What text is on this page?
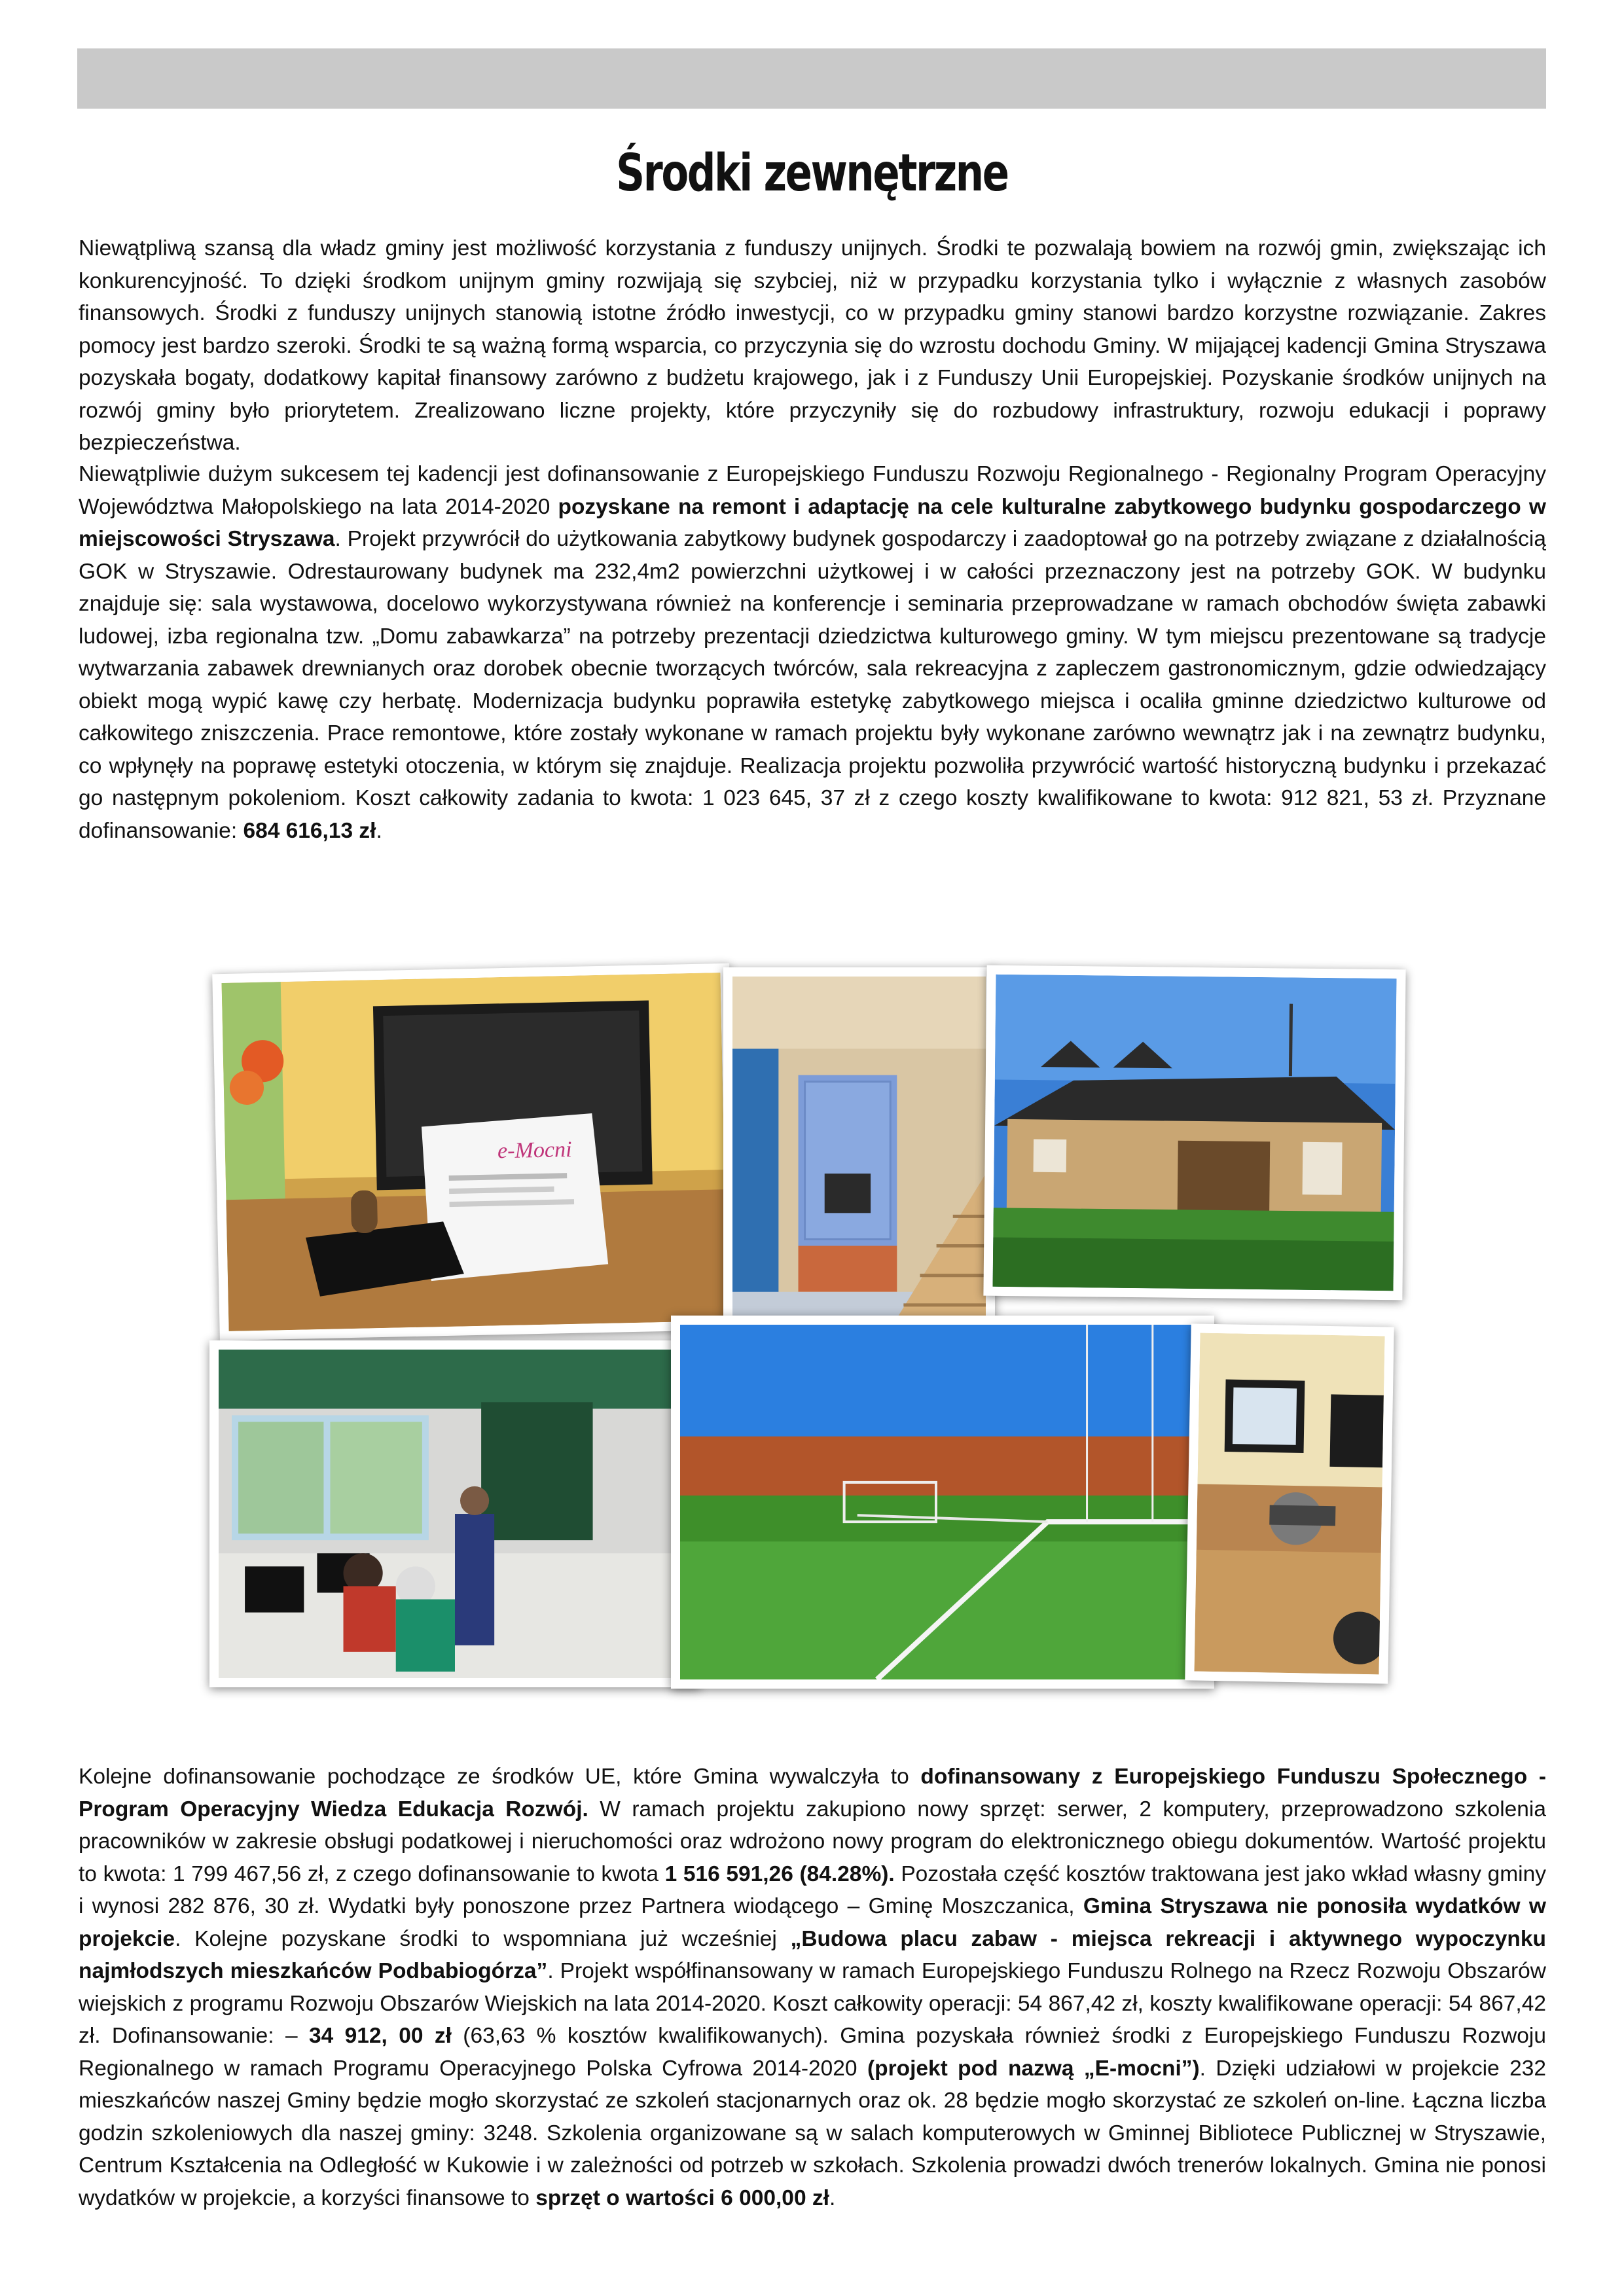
Środki zewnętrzne

Niewątpliwą szansą dla władz gminy jest możliwość korzystania z funduszy unijnych. Środki te pozwalają bowiem na rozwój gmin, zwiększając ich konkurencyjność. To dzięki środkom unijnym gminy rozwijają się szybciej, niż w przypadku korzystania tylko i wyłącznie z własnych zasobów finansowych. Środki z funduszy unijnych stanowią istotne źródło inwestycji, co w przypadku gminy stanowi bardzo korzystne rozwiązanie. Zakres pomocy jest bardzo szeroki. Środki te są ważną formą wsparcia, co przyczynia się do wzrostu dochodu Gminy. W mijającej kadencji Gmina Stryszawa pozyskała bogaty, dodatkowy kapitał finansowy zarówno z budżetu krajowego, jak i z Funduszy Unii Europejskiej. Pozyskanie środków unijnych na rozwój gminy było priorytetem. Zrealizowano liczne projekty, które przyczyniły się do rozbudowy infrastruktury, rozwoju edukacji i poprawy bezpieczeństwa.

Niewątpliwie dużym sukcesem tej kadencji jest dofinansowanie z Europejskiego Funduszu Rozwoju Regionalnego - Regionalny Program Operacyjny Województwa Małopolskiego na lata 2014-2020 pozyskane na remont i adaptację na cele kulturalne zabytkowego budynku gospodarczego w miejscowości Stryszawa. Projekt przywrócił do użytkowania zabytkowy budynek gospodarczy i zaadoptował go na potrzeby związane z działalnością GOK w Stryszawie. Odrestaurowany budynek ma 232,4m2 powierzchni użytkowej i w całości przeznaczony jest na potrzeby GOK. W budynku znajduje się: sala wystawowa, docelowo wykorzystywana również na konferencje i seminaria przeprowadzane w ramach obchodów święta zabawki ludowej, izba regionalna tzw. „Domu zabawkarza” na potrzeby prezentacji dziedzictwa kulturowego gminy. W tym miejscu prezentowane są tradycje wytwarzania zabawek drewnianych oraz dorobek obecnie tworzących twórców, sala rekreacyjna z zapleczem gastronomicznym, gdzie odwiedzający obiekt mogą wypić kawę czy herbatę. Modernizacja budynku poprawiła estetykę zabytkowego miejsca i ocaliła gminne dziedzictwo kulturowe od całkowitego zniszczenia. Prace remontowe, które zostały wykonane w ramach projektu były wykonane zarówno wewnątrz jak i na zewnątrz budynku, co wpłynęły na poprawę estetyki otoczenia, w którym się znajduje. Realizacja projektu pozwoliła przywrócić wartość historyczną budynku i przekazać go następnym pokoleniom. Koszt całkowity zadania to kwota: 1 023 645, 37 zł z czego koszty kwalifikowane to kwota: 912 821, 53 zł. Przyznane dofinansowanie: 684 616,13 zł.

e-Mocni

Kolejne dofinansowanie pochodzące ze środków UE, które Gmina wywalczyła to dofinansowany z Europejskiego Funduszu Społecznego - Program Operacyjny Wiedza Edukacja Rozwój. W ramach projektu zakupiono nowy sprzęt: serwer, 2 komputery, przeprowadzono szkolenia pracowników w zakresie obsługi podatkowej i nieruchomości oraz wdrożono nowy program do elektronicznego obiegu dokumentów. Wartość projektu to kwota: 1 799 467,56 zł, z czego dofinansowanie to kwota 1 516 591,26 (84.28%). Pozostała część kosztów traktowana jest jako wkład własny gminy i wynosi 282 876, 30 zł. Wydatki były ponoszone przez Partnera wiodącego – Gminę Moszczanica, Gmina Stryszawa nie ponosiła wydatków w projekcie. Kolejne pozyskane środki to wspomniana już wcześniej „Budowa placu zabaw - miejsca rekreacji i aktywnego wypoczynku najmłodszych mieszkańców Podbabiogórza”. Projekt współfinansowany w ramach Europejskiego Funduszu Rolnego na Rzecz Rozwoju Obszarów wiejskich z programu Rozwoju Obszarów Wiejskich na lata 2014-2020. Koszt całkowity operacji: 54 867,42 zł, koszty kwalifikowane operacji: 54 867,42 zł. Dofinansowanie: – 34 912, 00 zł (63,63 % kosztów kwalifikowanych). Gmina pozyskała również środki z Europejskiego Funduszu Rozwoju Regionalnego w ramach Programu Operacyjnego Polska Cyfrowa 2014-2020 (projekt pod nazwą „E-mocni”). Dzięki udziałowi w projekcie 232 mieszkańców naszej Gminy będzie mogło skorzystać ze szkoleń stacjonarnych oraz ok. 28 będzie mogło skorzystać ze szkoleń on-line. Łączna liczba godzin szkoleniowych dla naszej gminy: 3248. Szkolenia organizowane są w salach komputerowych w Gminnej Bibliotece Publicznej w Stryszawie, Centrum Kształcenia na Odległość w Kukowie i w zależności od potrzeb w szkołach. Szkolenia prowadzi dwóch trenerów lokalnych. Gmina nie ponosi wydatków w projekcie, a korzyści finansowe to sprzęt o wartości 6 000,00 zł.
